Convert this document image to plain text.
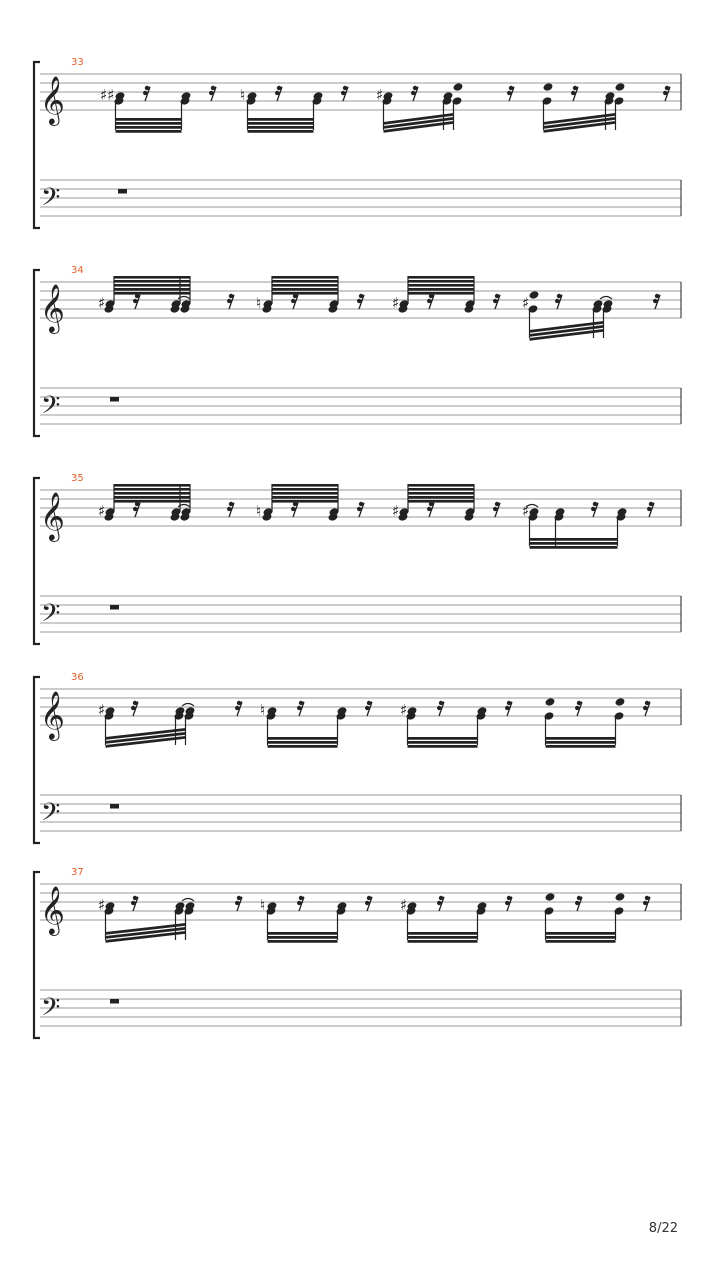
33
𝄞
𝄢
♯♯	♮	♯
34
𝄞
𝄢
♯	♮	♯	♯
35
𝄞
𝄢
♯	♮	♯	♯
36
𝄞
𝄢
♯	♮	♯
37
𝄞
𝄢
♯	♮	♯
8/22
